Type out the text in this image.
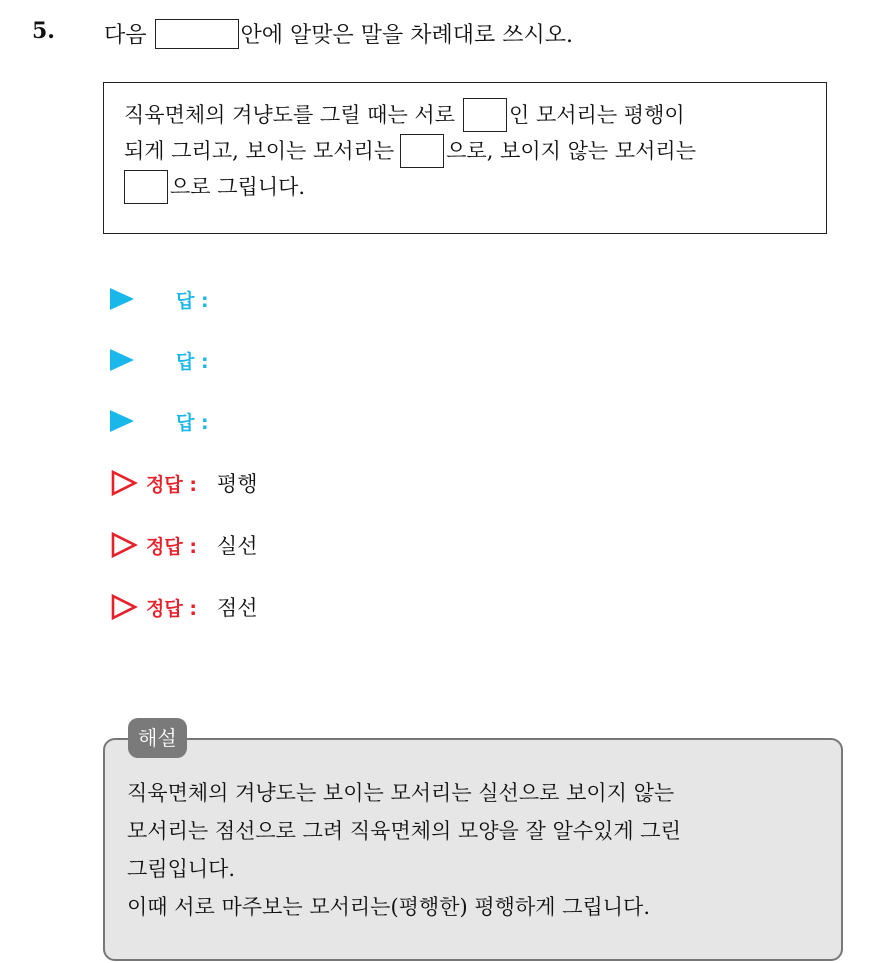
5. 다음	안에 알맞은 말을 차례대로 쓰시오.
직육면체의 겨냥도를 그릴 때는 서로	인 모서리는 평행이
되게 그리고, 보이는 모서리는 으로, 보이지 않는 모서리는
으로 그립니다.
답 :
답 :
답 :
정답 : 평행
정답 : 실선
정답 : 점선
직육면체의 겨냥도는 보이는 모서리는 실선으로 보이지 않는
모서리는 점선으로 그려 직육면체의 모양을 잘 알수있게 그린
그림입니다.
이때 서로 마주보는 모서리는(평행한) 평행하게 그립니다.
해설
